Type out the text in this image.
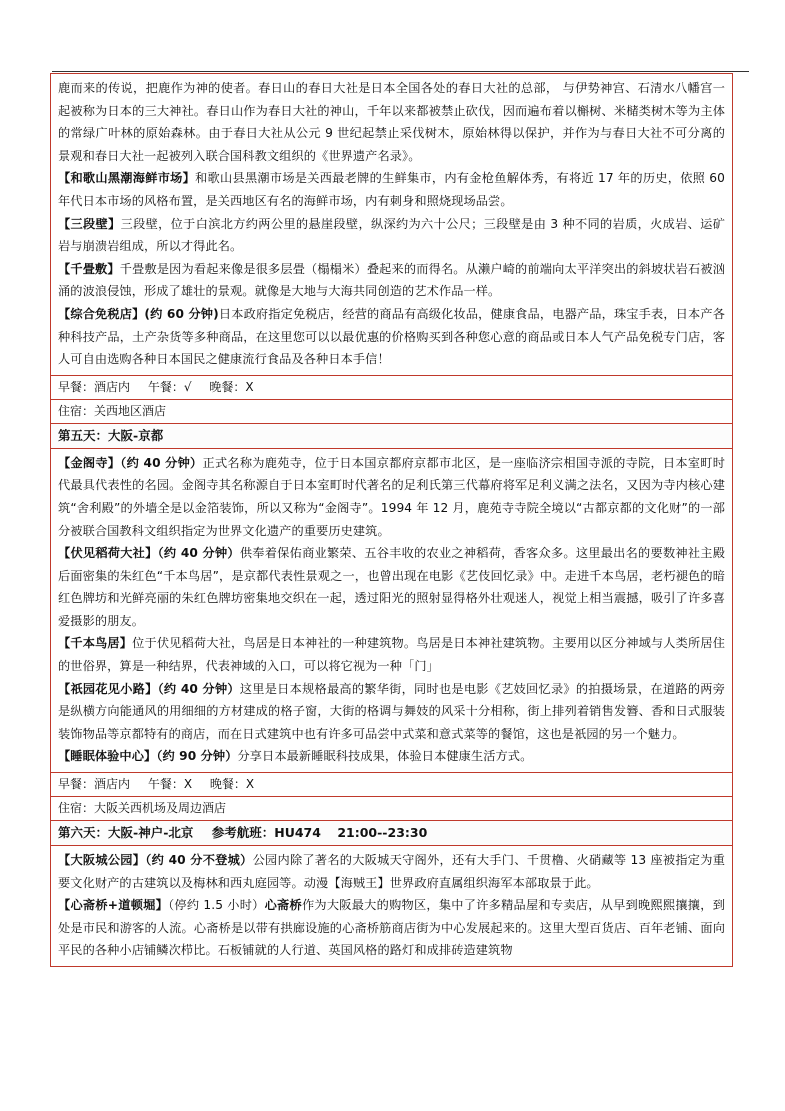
鹿而来的传说，把鹿作为神的使者。春日山的春日大社是日本全国各处的春日大社的总部， 与伊势神宫、石清水八幡宫一起被称为日本的三大神社。春日山作为春日大社的神山，千年以来都被禁止砍伐，因而遍布着以槲树、米槠类树木等为主体的常绿广叶林的原始森林。由于春日大社从公元 9 世纪起禁止采伐树木，原始林得以保护，并作为与春日大社不可分离的景观和春日大社一起被列入联合国科教文组织的《世界遗产名录》。

【和歌山黑潮海鲜市场】和歌山县黑潮市场是关西最老牌的生鲜集市，内有金枪鱼解体秀，有将近 17 年的历史，依照 60 年代日本市场的风格布置，是关西地区有名的海鲜市场，内有刺身和照烧现场品尝。

【三段壁】三段壁，位于白滨北方约两公里的悬崖段壁，纵深约为六十公尺；三段壁是由 3 种不同的岩质，火成岩、运矿岩与崩溃岩组成，所以才得此名。

【千畳敷】千畳敷是因为看起来像是很多层畳（榻榻米）叠起来的而得名。从濑户崎的前端向太平洋突出的斜坡状岩石被汹涌的波浪侵蚀，形成了雄壮的景观。就像是大地与大海共同创造的艺术作品一样。

【综合免税店】(约 60 分钟)日本政府指定免税店，经营的商品有高级化妆品，健康食品，电器产品，珠宝手表，日本产各种科技产品，土产杂货等多种商品，在这里您可以以最优惠的价格购买到各种您心意的商品或日本人气产品免税专门店，客人可自由选购各种日本国民之健康流行食品及各种日本手信！

早餐：酒店内 午餐：√ 晚餐：X
住宿：关西地区酒店
第五天：大阪-京都

【金阁寺】（约 40 分钟）正式名称为鹿苑寺，位于日本国京都府京都市北区，是一座临济宗相国寺派的寺院，日本室町时代最具代表性的名园。金阁寺其名称源自于日本室町时代著名的足利氏第三代幕府将军足利义满之法名，又因为寺内核心建筑“舍利殿”的外墙全是以金箔装饰，所以又称为“金阁寺”。1994 年 12 月，鹿苑寺寺院全境以“古都京都的文化财”的一部分被联合国教科文组织指定为世界文化遗产的重要历史建筑。

【伏见稻荷大社】（约 40 分钟）供奉着保佑商业繁荣、五谷丰收的农业之神稻荷，香客众多。这里最出名的要数神社主殿后面密集的朱红色“千本鸟居”，是京都代表性景观之一，也曾出现在电影《艺伎回忆录》中。走进千本鸟居，老朽褪色的暗红色牌坊和光鲜亮丽的朱红色牌坊密集地交织在一起，透过阳光的照射显得格外壮观迷人，视觉上相当震撼，吸引了许多喜爱摄影的朋友。

【千本鸟居】位于伏见稻荷大社，鸟居是日本神社的一种建筑物。鸟居是日本神社建筑物。主要用以区分神域与人类所居住的世俗界，算是一种结界，代表神域的入口，可以将它视为一种「门」

【祇园花见小路】（约 40 分钟）这里是日本规格最高的繁华街，同时也是电影《艺妓回忆录》的拍摄场景，在道路的两旁是纵横方向能通风的用细细的方材建成的格子窗，大街的格调与舞妓的风采十分相称，街上排列着销售发簪、香和日式服装装饰物品等京都特有的商店，而在日式建筑中也有许多可品尝中式菜和意式菜等的餐馆，这也是祇园的另一个魅力。

【睡眠体验中心】（约 90 分钟）分享日本最新睡眠科技成果，体验日本健康生活方式。

早餐：酒店内 午餐：X 晚餐：X
住宿：大阪关西机场及周边酒店
第六天：大阪-神户-北京 参考航班：HU474 21:00--23:30

【大阪城公园】（约 40 分不登城）公园内除了著名的大阪城天守阁外，还有大手门、千贯橹、火硝藏等 13 座被指定为重要文化财产的古建筑以及梅林和西丸庭园等。动漫【海贼王】世界政府直属组织海军本部取景于此。

【心斋桥+道顿堀】（停约 1.5 小时）心斋桥作为大阪最大的购物区，集中了许多精品屋和专卖店，从早到晚熙熙攘攘，到处是市民和游客的人流。心斋桥是以带有拱廊设施的心斋桥筋商店街为中心发展起来的。这里大型百货店、百年老铺、面向平民的各种小店铺鳞次栉比。石板铺就的人行道、英国风格的路灯和成排砖造建筑物
